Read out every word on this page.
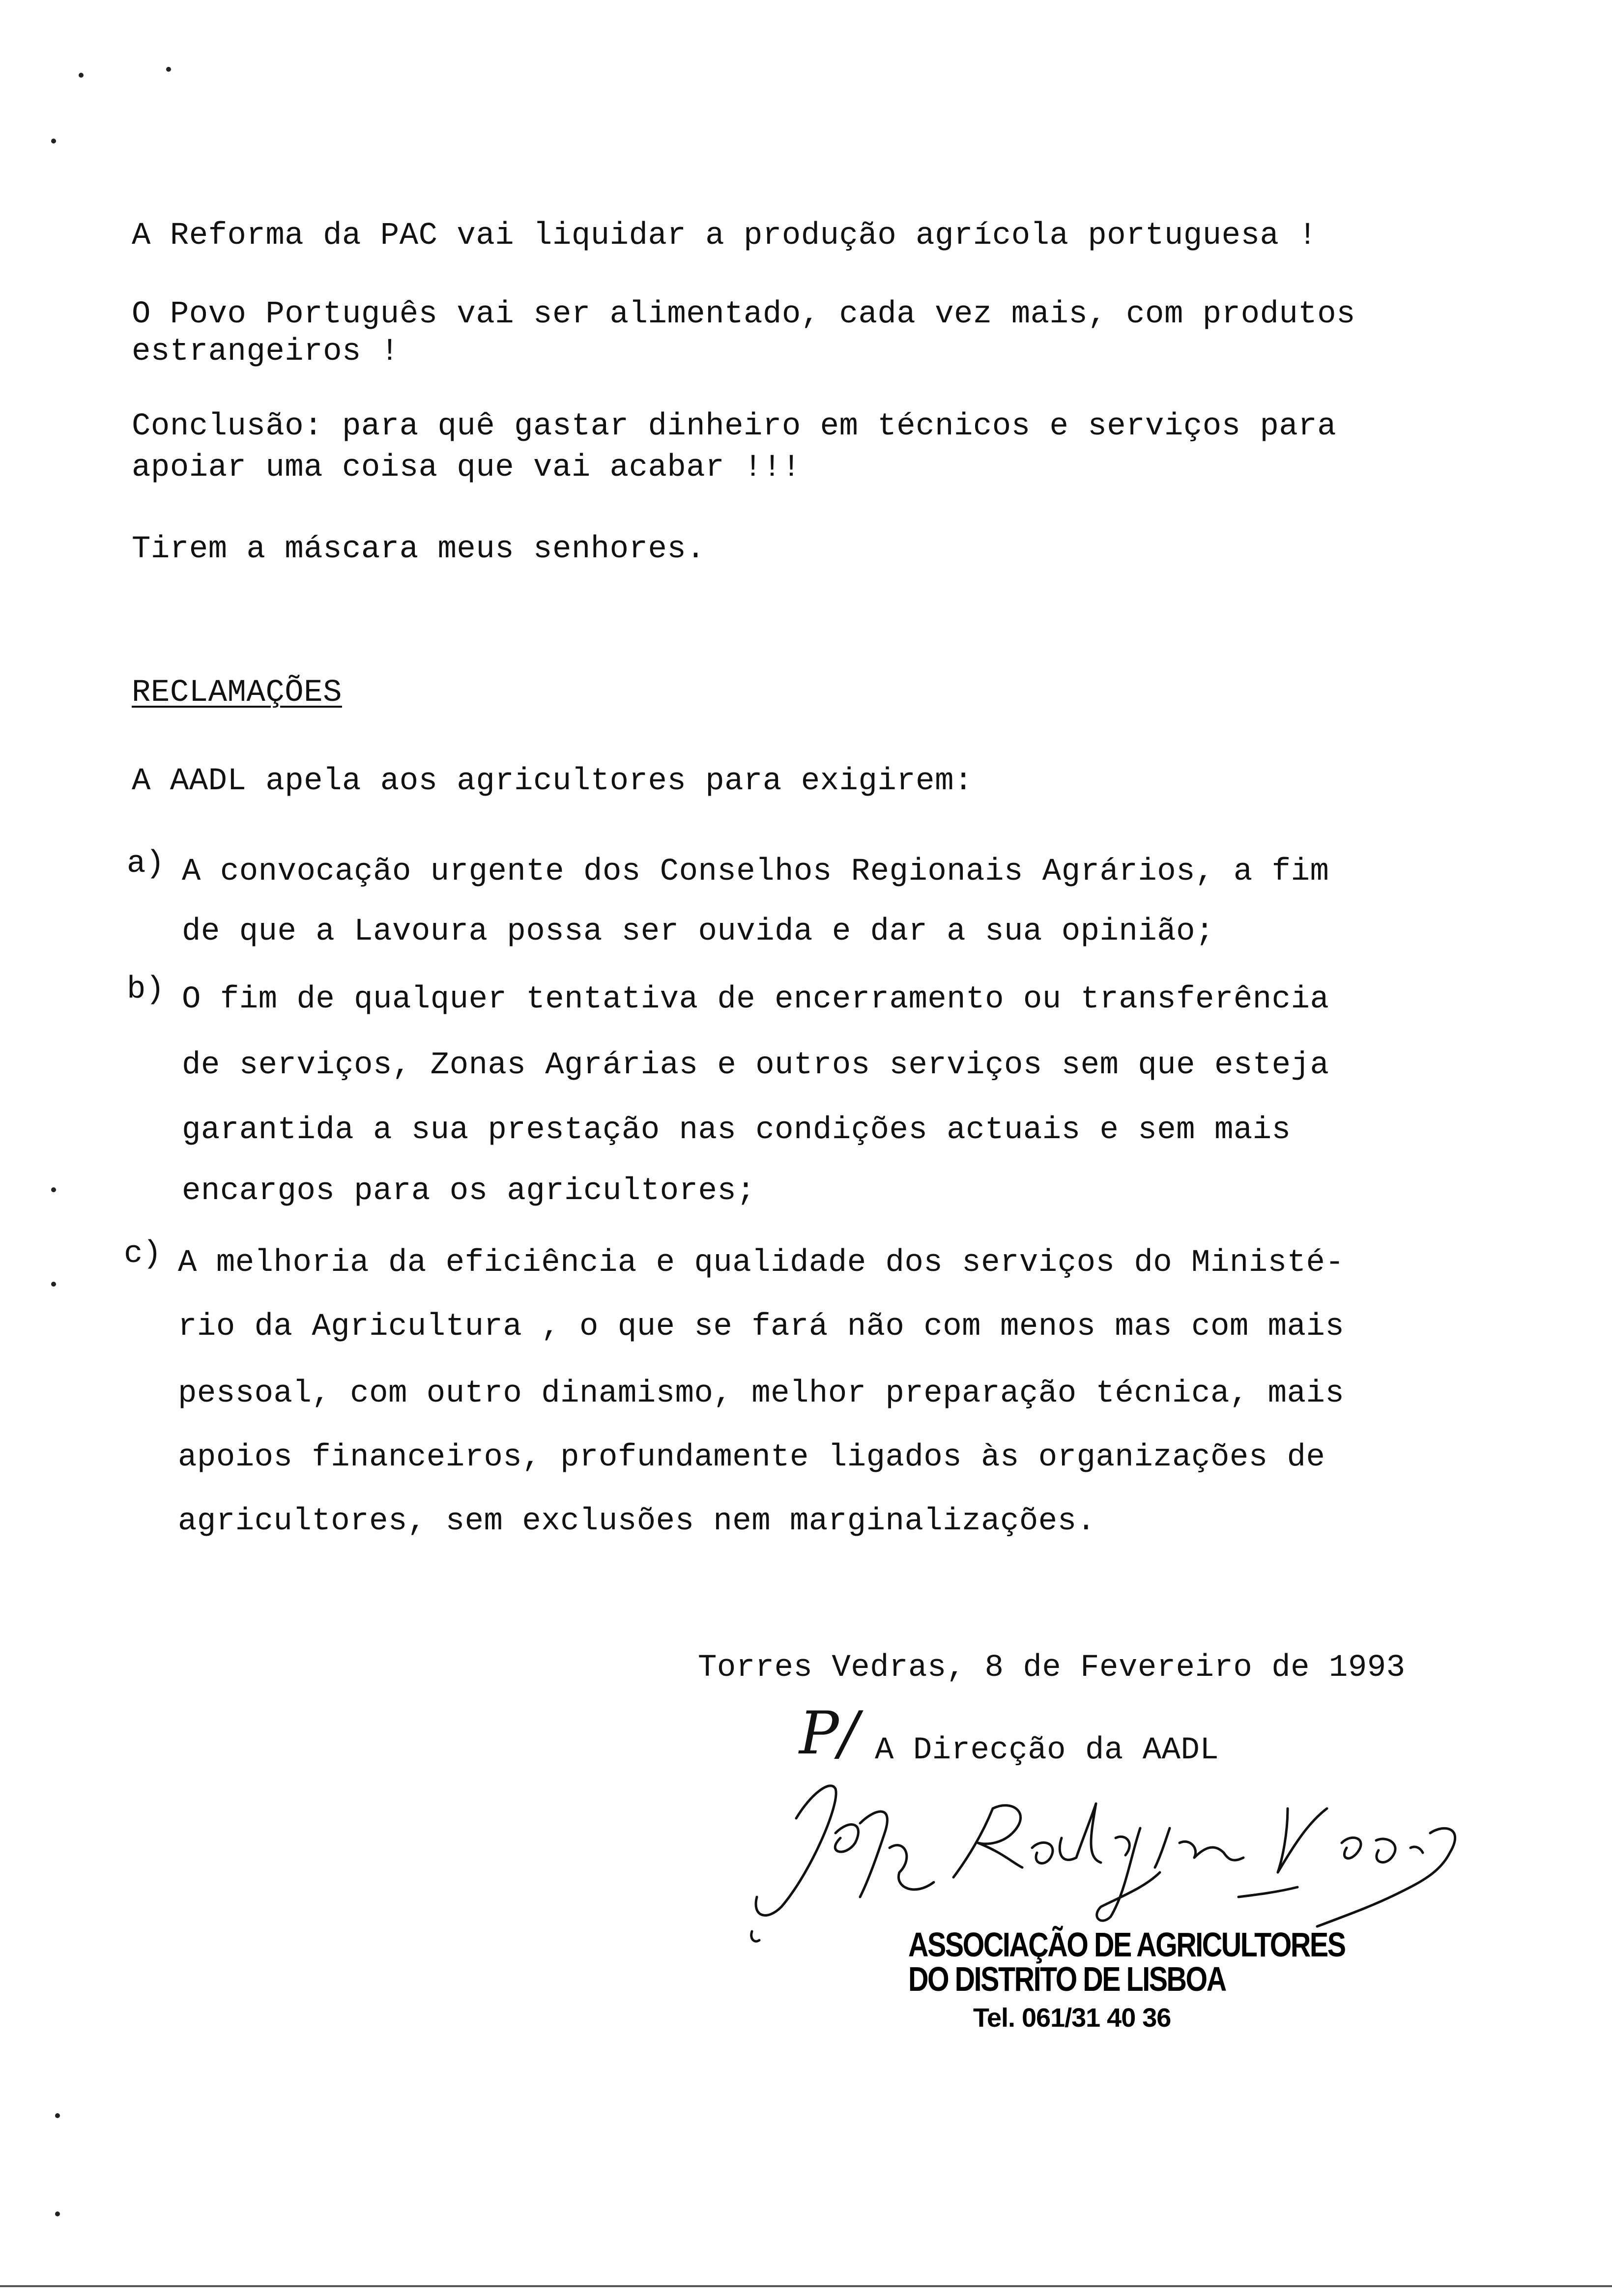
A Reforma da PAC vai liquidar a produção agrícola portuguesa !
O Povo Português vai ser alimentado, cada vez mais, com produtos
estrangeiros !
Conclusão: para quê gastar dinheiro em técnicos e serviços para
apoiar uma coisa que vai acabar !!!
Tirem a máscara meus senhores.
RECLAMAÇÕES
A AADL apela aos agricultores para exigirem:
a) A convocação urgente dos Conselhos Regionais Agrários, a fim
de que a Lavoura possa ser ouvida e dar a sua opinião;
b) O fim de qualquer tentativa de encerramento ou transferência
de serviços, Zonas Agrárias e outros serviços sem que esteja
garantida a sua prestação nas condições actuais e sem mais
encargos para os agricultores;
c) A melhoria da eficiência e qualidade dos serviços do Ministé-
rio da Agricultura , o que se fará não com menos mas com mais
pessoal, com outro dinamismo, melhor preparação técnica, mais
apoios financeiros, profundamente ligados às organizações de
agricultores, sem exclusões nem marginalizações.
Torres Vedras, 8 de Fevereiro de 1993
P/ A Direcção da AADL
ASSOCIAÇÃO DE AGRICULTORES
DO DISTRITO DE LISBOA
Tel. 061/31 40 36
